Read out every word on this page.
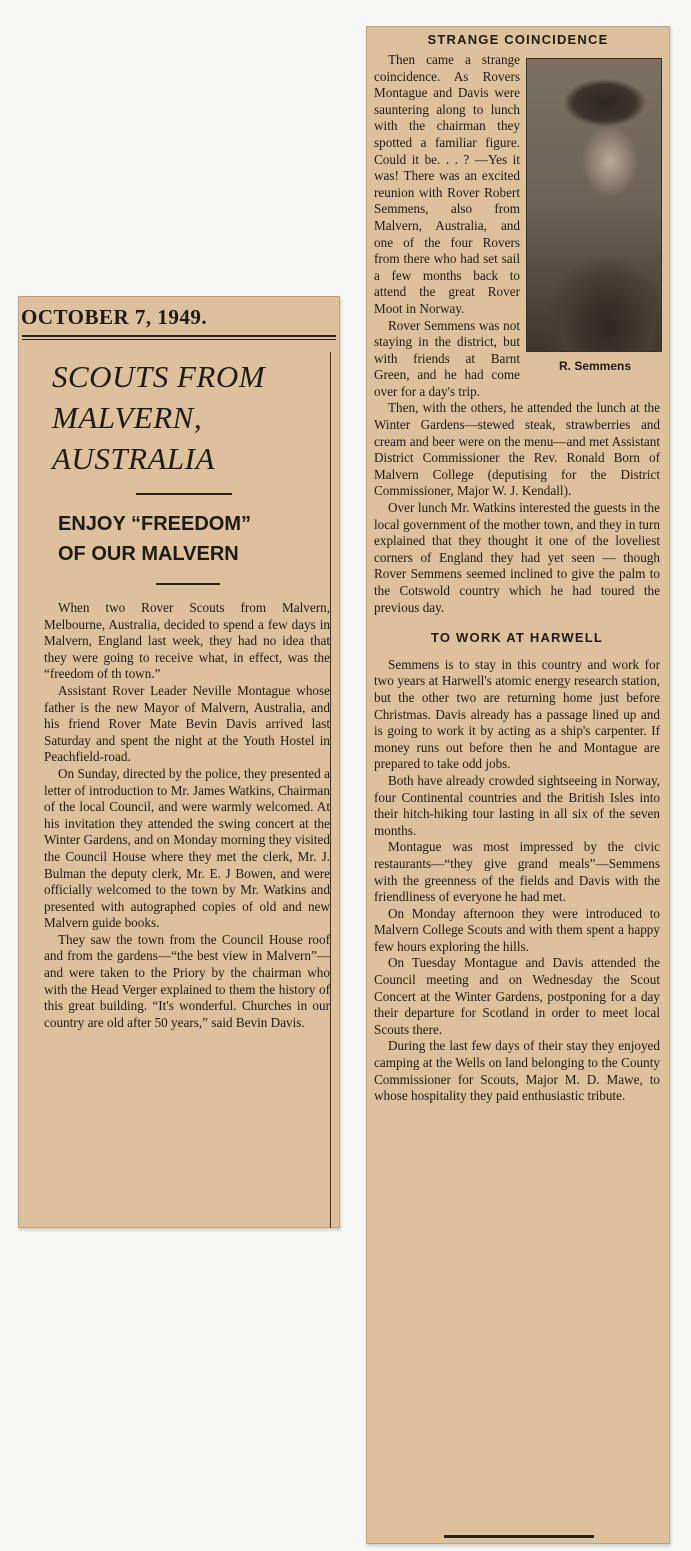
OCTOBER 7, 1949.
SCOUTS FROM
MALVERN,
AUSTRALIA
ENJOY “FREEDOM”
OF OUR MALVERN

When two Rover Scouts from Malvern, Melbourne, Australia, decided to spend a few days in Malvern, England last week, they had no idea that they were going to receive what, in effect, was the “freedom of th town.”

Assistant Rover Leader Neville Montague whose father is the new Mayor of Malvern, Australia, and his friend Rover Mate Bevin Davis arrived last Saturday and spent the night at the Youth Hostel in Peachfield-road.

On Sunday, directed by the police, they presented a letter of introduction to Mr. James Watkins, Chairman of the local Council, and were warmly welcomed. At his invitation they attended the swing concert at the Winter Gardens, and on Monday morning they visited the Council House where they met the clerk, Mr. J. Bulman the deputy clerk, Mr. E. J Bowen, and were officially welcomed to the town by Mr. Watkins and presented with autographed copies of old and new Malvern guide books.

They saw the town from the Council House roof and from the gardens—“the best view in Malvern”—and were taken to the Priory by the chairman who with the Head Verger explained to them the history of this great building. “It's wonderful. Churches in our country are old after 50 years,” said Bevin Davis.

STRANGE COINCIDENCE
R. Semmens

Then came a strange coincidence. As Rovers Montague and Davis were sauntering along to lunch with the chairman they spotted a familiar figure. Could it be. . . ? —Yes it was! There was an excited reunion with Rover Robert Semmens, also from Malvern, Australia, and one of the four Rovers from there who had set sail a few months back to attend the great Rover Moot in Norway.

Rover Semmens was not staying in the district, but with friends at Barnt Green, and he had come over for a day's trip.

Then, with the others, he attended the lunch at the Winter Gardens—stewed steak, strawberries and cream and beer were on the menu—and met Assistant District Commissioner the Rev. Ronald Born of Malvern College (deputising for the District Commissioner, Major W. J. Kendall).

Over lunch Mr. Watkins interested the guests in the local government of the mother town, and they in turn explained that they thought it one of the loveliest corners of England they had yet seen — though Rover Semmens seemed inclined to give the palm to the Cotswold country which he had toured the previous day.

TO WORK AT HARWELL

Semmens is to stay in this country and work for two years at Harwell's atomic energy research station, but the other two are returning home just before Christmas. Davis already has a passage lined up and is going to work it by acting as a ship's carpenter. If money runs out before then he and Montague are prepared to take odd jobs.

Both have already crowded sightseeing in Norway, four Continental countries and the British Isles into their hitch-hiking tour lasting in all six of the seven months.

Montague was most impressed by the civic restaurants—“they give grand meals”—Semmens with the greenness of the fields and Davis with the friendliness of everyone he had met.

On Monday afternoon they were introduced to Malvern College Scouts and with them spent a happy few hours exploring the hills.

On Tuesday Montague and Davis attended the Council meeting and on Wednesday the Scout Concert at the Winter Gardens, postponing for a day their departure for Scotland in order to meet local Scouts there.

During the last few days of their stay they enjoyed camping at the Wells on land belonging to the County Commissioner for Scouts, Major M. D. Mawe, to whose hospitality they paid enthusiastic tribute.
